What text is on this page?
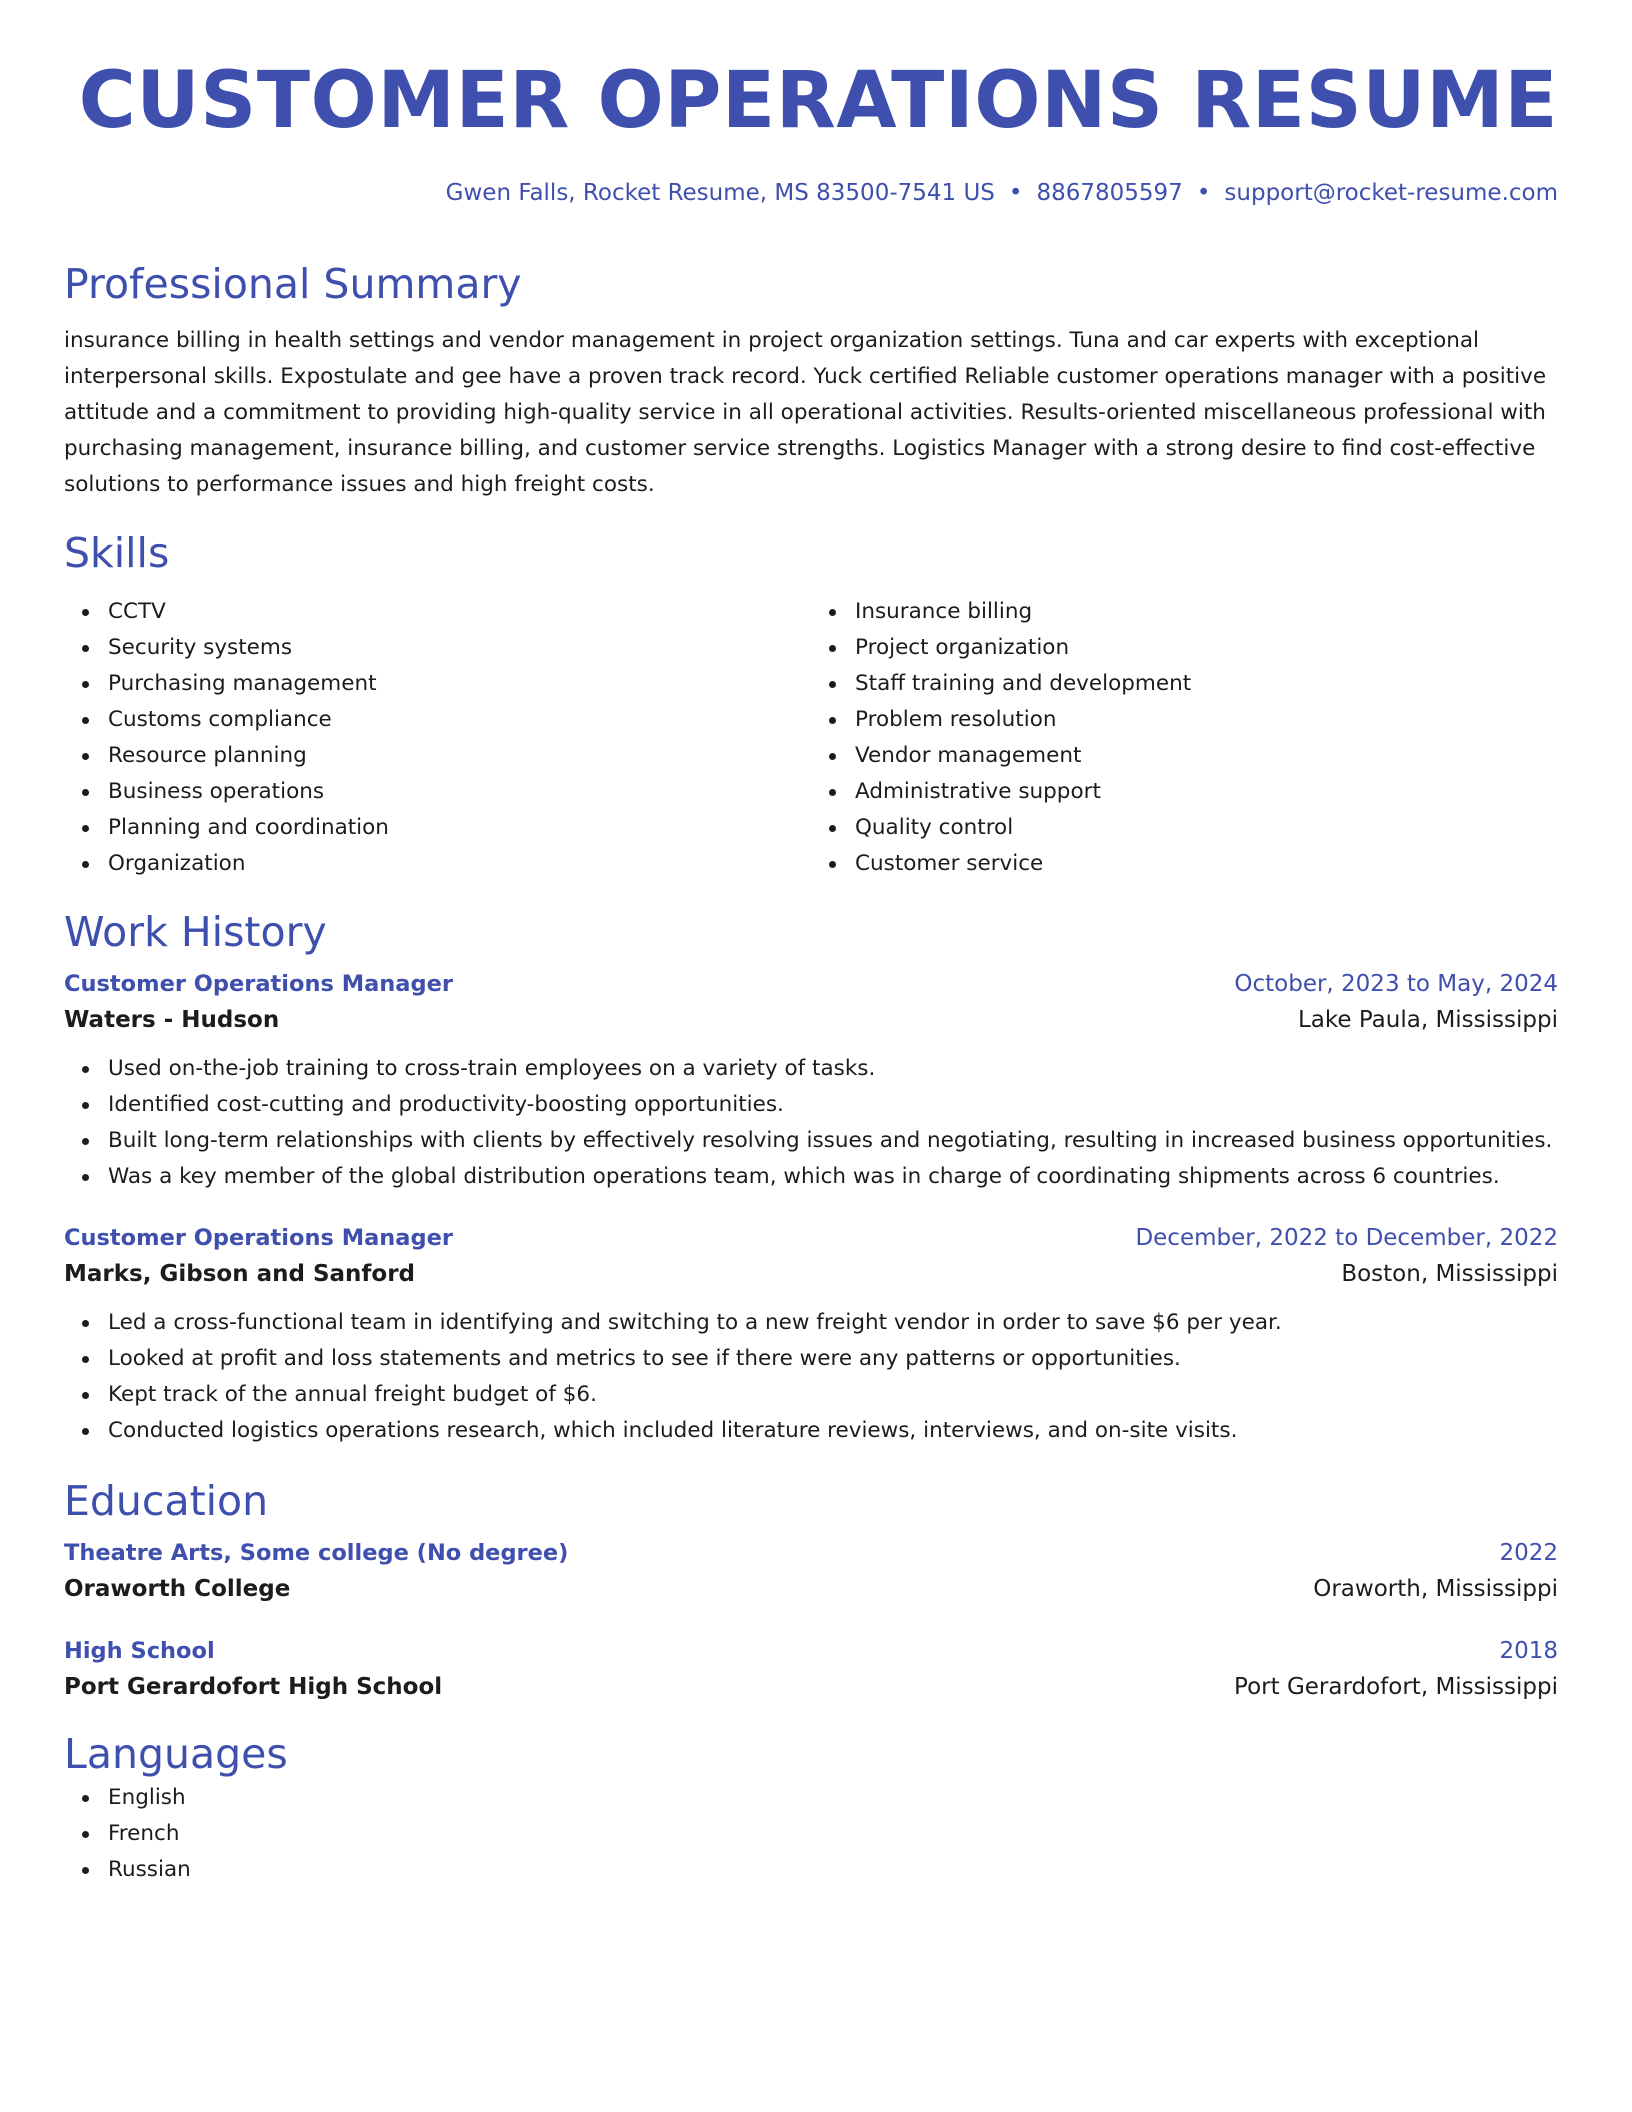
CUSTOMER OPERATIONS RESUME
Gwen Falls, Rocket Resume, MS 83500-7541 US • 8867805597 • support@rocket-resume.com
Professional Summary

insurance billing in health settings and vendor management in project organization settings. Tuna and car experts with exceptional interpersonal skills. Expostulate and gee have a proven track record. Yuck certified Reliable customer operations manager with a positive attitude and a commitment to providing high-quality service in all operational activities. Results-oriented miscellaneous professional with purchasing management, insurance billing, and customer service strengths. Logistics Manager with a strong desire to find cost-effective solutions to performance issues and high freight costs.

Skills
CCTV
Security systems
Purchasing management
Customs compliance
Resource planning
Business operations
Planning and coordination
Organization
Insurance billing
Project organization
Staff training and development
Problem resolution
Vendor management
Administrative support
Quality control
Customer service
Work History
Customer Operations Manager	October, 2023 to May, 2024
Waters - Hudson	Lake Paula, Mississippi
Used on-the-job training to cross-train employees on a variety of tasks.
Identified cost-cutting and productivity-boosting opportunities.
Built long-term relationships with clients by effectively resolving issues and negotiating, resulting in increased business opportunities.
Was a key member of the global distribution operations team, which was in charge of coordinating shipments across 6 countries.
Customer Operations Manager	December, 2022 to December, 2022
Marks, Gibson and Sanford	Boston, Mississippi
Led a cross-functional team in identifying and switching to a new freight vendor in order to save $6 per year.
Looked at profit and loss statements and metrics to see if there were any patterns or opportunities.
Kept track of the annual freight budget of $6.
Conducted logistics operations research, which included literature reviews, interviews, and on-site visits.
Education
Theatre Arts, Some college (No degree)	2022
Oraworth College	Oraworth, Mississippi
High School	2018
Port Gerardofort High School	Port Gerardofort, Mississippi
Languages
English
French
Russian
